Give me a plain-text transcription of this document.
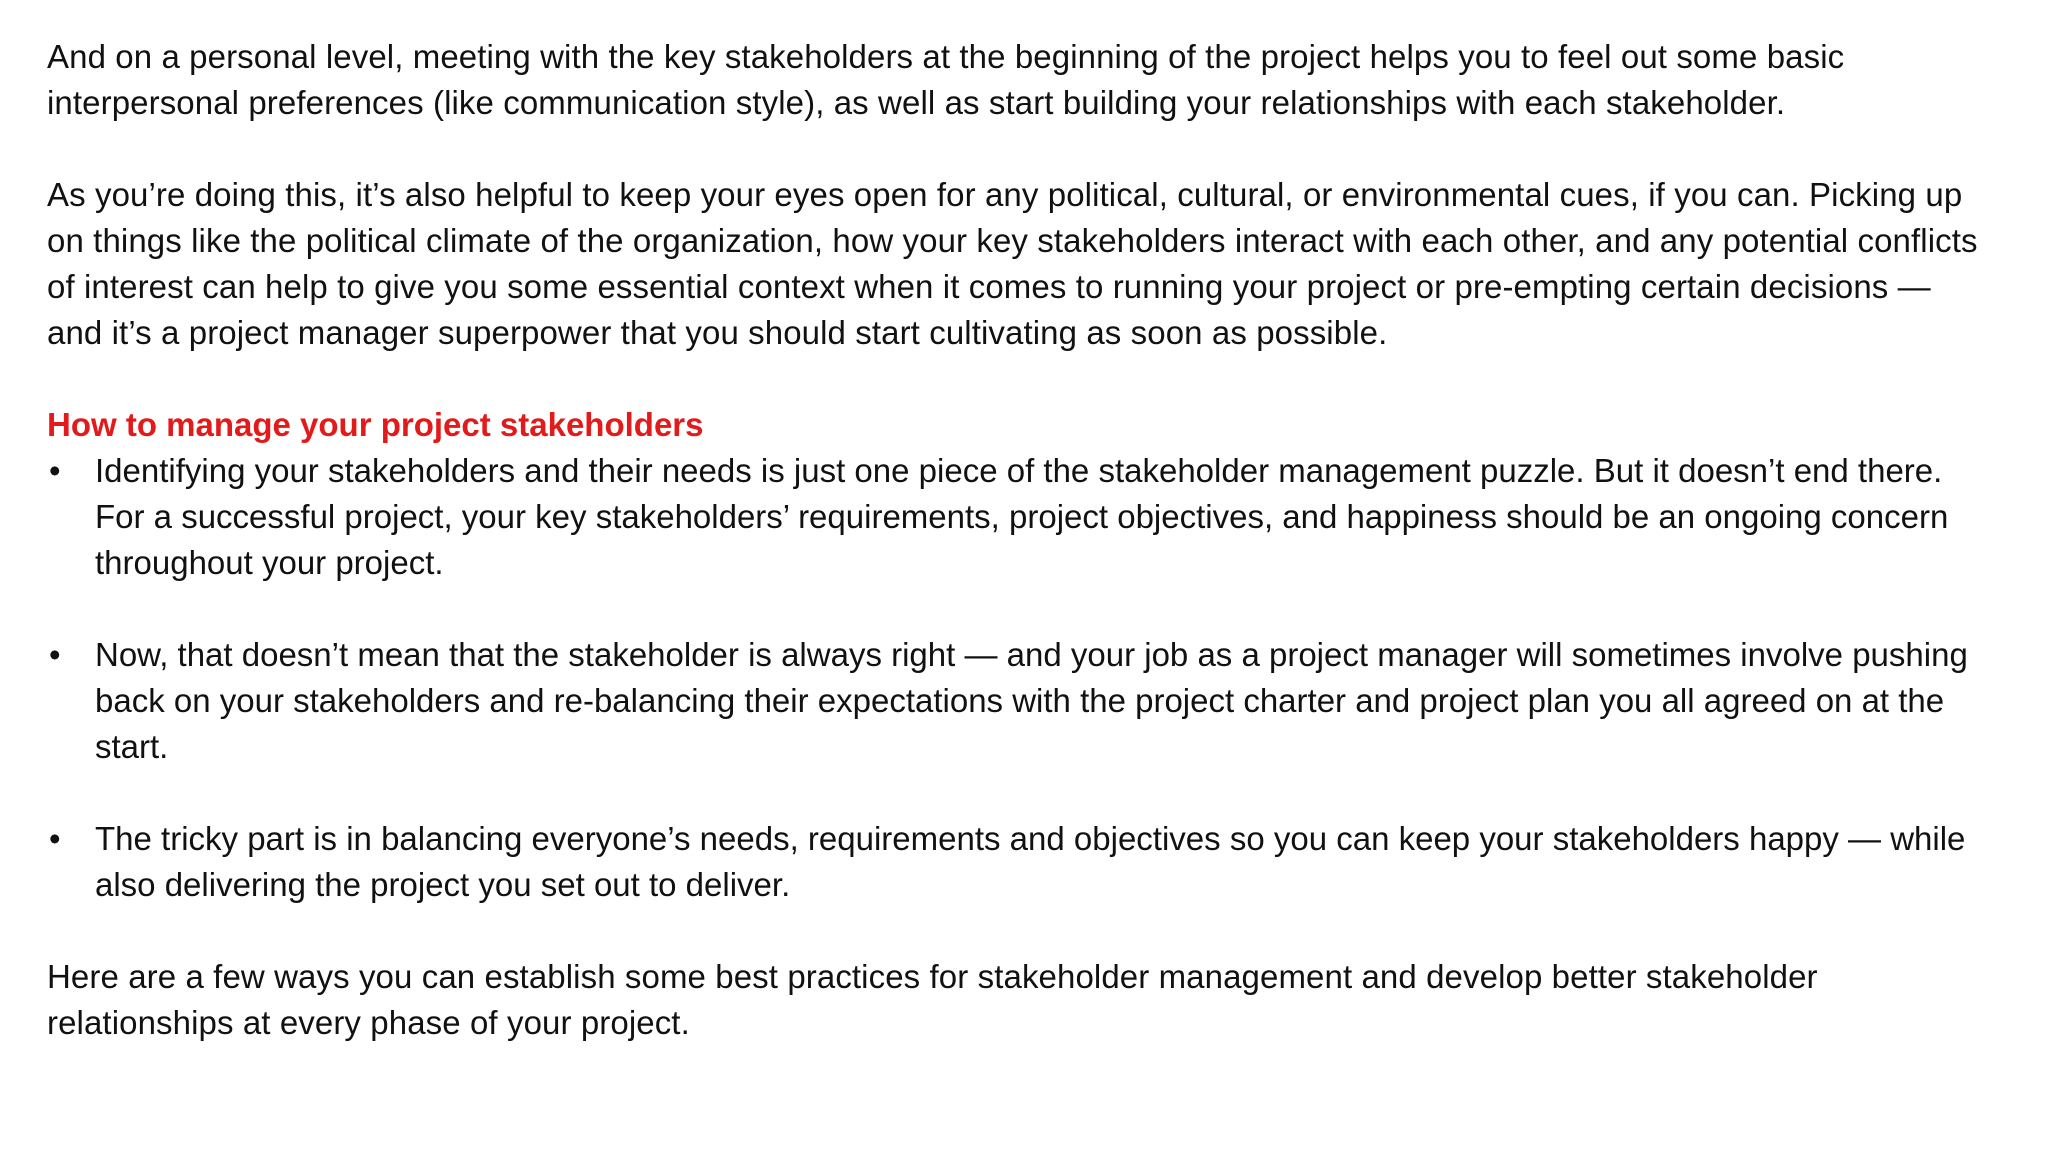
And on a personal level, meeting with the key stakeholders at the beginning of the project helps you to feel out some basic interpersonal preferences (like communication style), as well as start building your relationships with each stakeholder.

As you’re doing this, it’s also helpful to keep your eyes open for any political, cultural, or environmental cues, if you can. Picking up on things like the political climate of the organization, how your key stakeholders interact with each other, and any potential conflicts of interest can help to give you some essential context when it comes to running your project or pre-empting certain decisions — and it’s a project manager superpower that you should start cultivating as soon as possible.

How to manage your project stakeholders
• Identifying your stakeholders and their needs is just one piece of the stakeholder management puzzle. But it doesn’t end there. For a successful project, your key stakeholders’ requirements, project objectives, and happiness should be an ongoing concern throughout your project.
• Now, that doesn’t mean that the stakeholder is always right — and your job as a project manager will sometimes involve pushing back on your stakeholders and re-balancing their expectations with the project charter and project plan you all agreed on at the start.
• The tricky part is in balancing everyone’s needs, requirements and objectives so you can keep your stakeholders happy — while also delivering the project you set out to deliver.

Here are a few ways you can establish some best practices for stakeholder management and develop better stakeholder relationships at every phase of your project.
